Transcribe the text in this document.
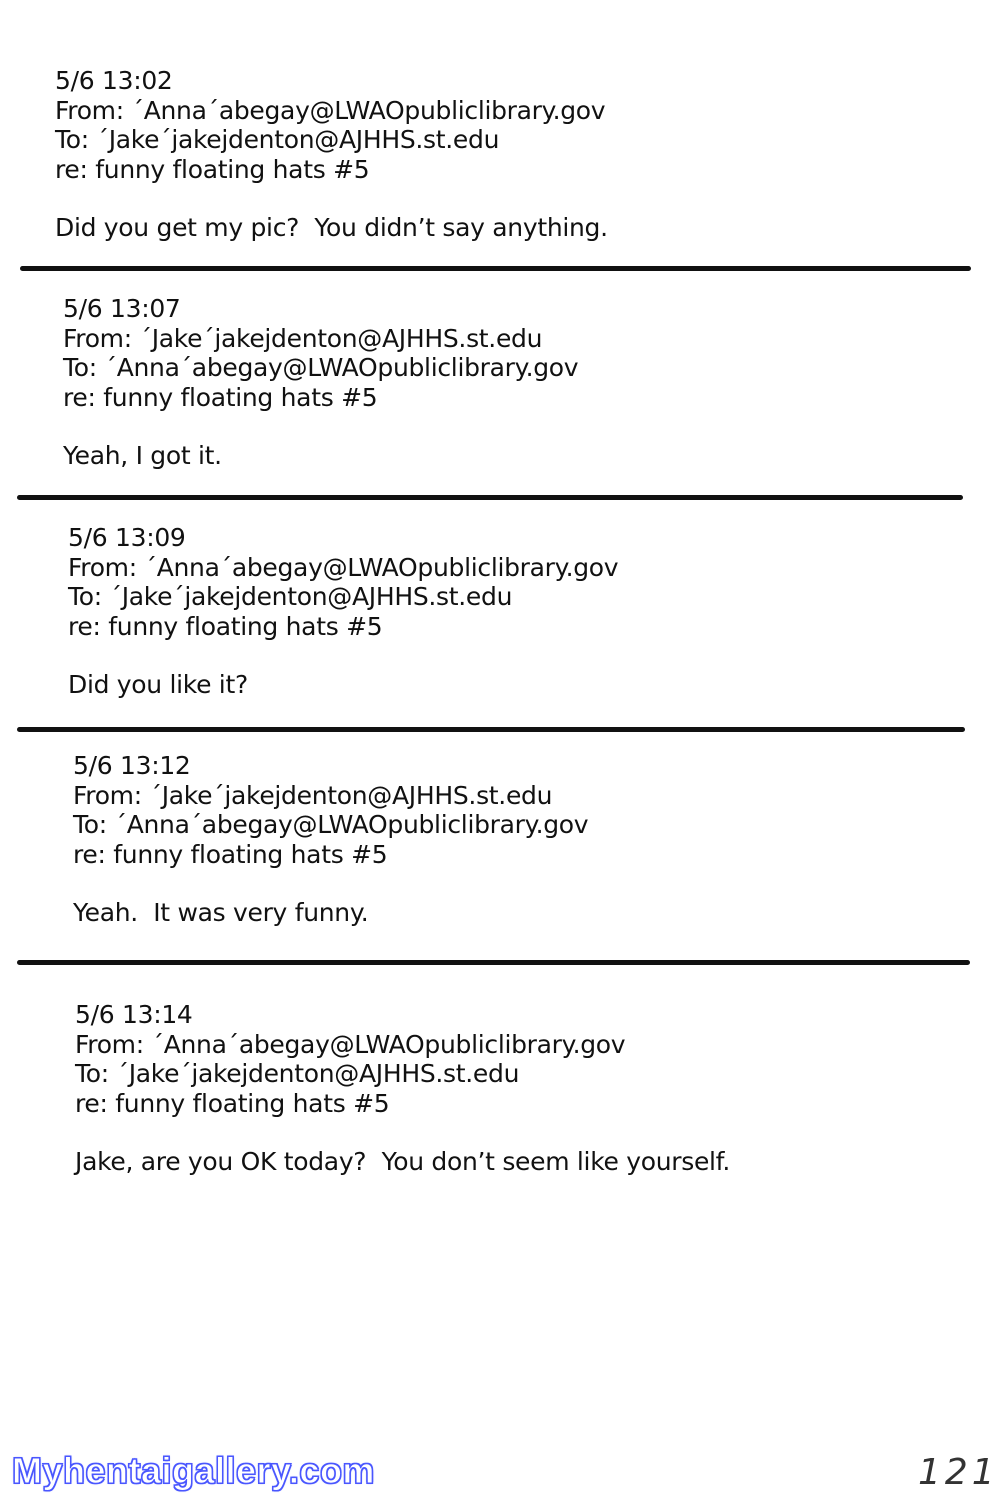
5/6 13:02
From: ´Anna´abegay@LWAOpubliclibrary.gov
To: ´Jake´jakejdenton@AJHHS.st.edu
re: funny floating hats #5
Did you get my pic?  You didn’t say anything.
5/6 13:07
From: ´Jake´jakejdenton@AJHHS.st.edu
To: ´Anna´abegay@LWAOpubliclibrary.gov
re: funny floating hats #5
Yeah, I got it.
5/6 13:09
From: ´Anna´abegay@LWAOpubliclibrary.gov
To: ´Jake´jakejdenton@AJHHS.st.edu
re: funny floating hats #5
Did you like it?
5/6 13:12
From: ´Jake´jakejdenton@AJHHS.st.edu
To: ´Anna´abegay@LWAOpubliclibrary.gov
re: funny floating hats #5
Yeah.  It was very funny.
5/6 13:14
From: ´Anna´abegay@LWAOpubliclibrary.gov
To: ´Jake´jakejdenton@AJHHS.st.edu
re: funny floating hats #5
Jake, are you OK today?  You don’t seem like yourself.
Myhentaigallery.com	121
